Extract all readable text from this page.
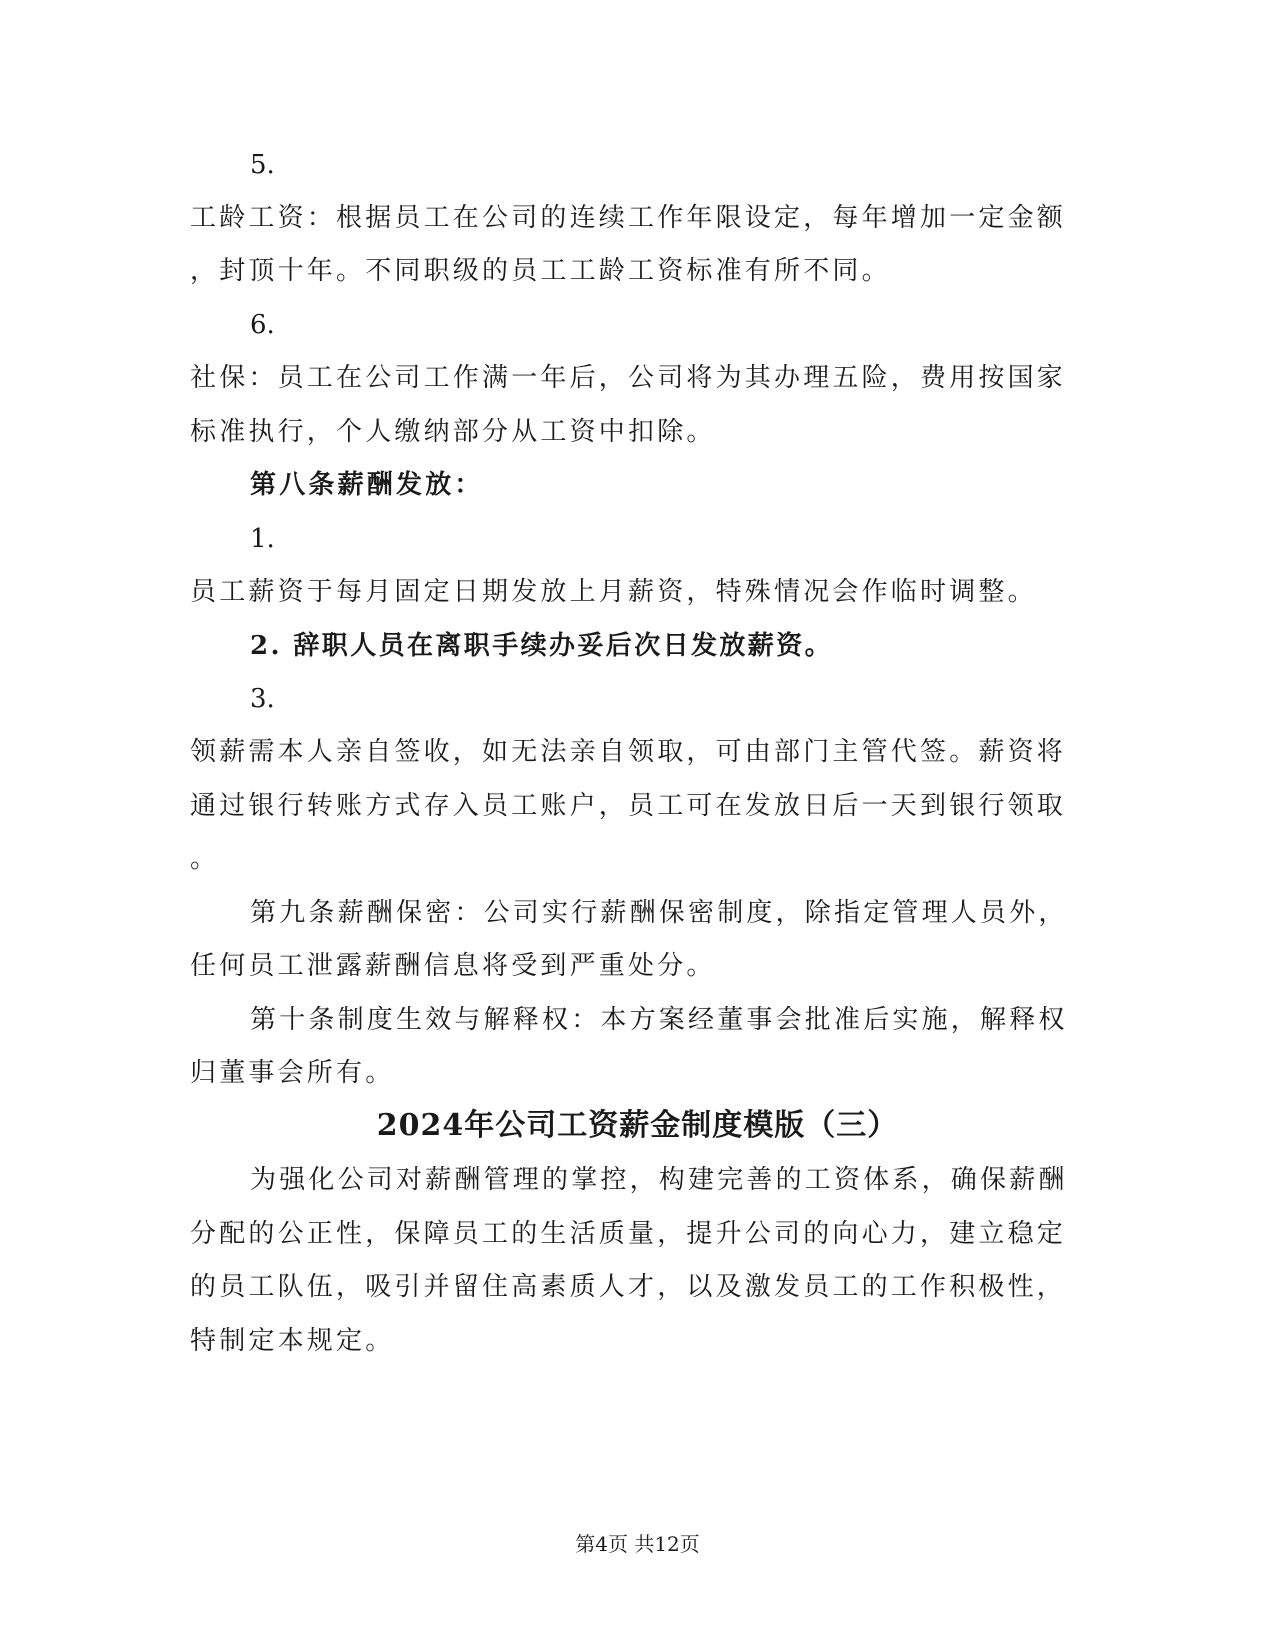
5.
工龄工资：根据员工在公司的连续工作年限设定，每年增加一定金额
，封顶十年。不同职级的员工工龄工资标准有所不同。
6.
社保：员工在公司工作满一年后，公司将为其办理五险，费用按国家
标准执行，个人缴纳部分从工资中扣除。
第八条薪酬发放：
1.
员工薪资于每月固定日期发放上月薪资，特殊情况会作临时调整。
2. 辞职人员在离职手续办妥后次日发放薪资。
3.
领薪需本人亲自签收，如无法亲自领取，可由部门主管代签。薪资将
通过银行转账方式存入员工账户，员工可在发放日后一天到银行领取
。
第九条薪酬保密：公司实行薪酬保密制度，除指定管理人员外，
任何员工泄露薪酬信息将受到严重处分。
第十条制度生效与解释权：本方案经董事会批准后实施，解释权
归董事会所有。
2024年公司工资薪金制度模版（三）
为强化公司对薪酬管理的掌控，构建完善的工资体系，确保薪酬
分配的公正性，保障员工的生活质量，提升公司的向心力，建立稳定
的员工队伍，吸引并留住高素质人才，以及激发员工的工作积极性，
特制定本规定。
第4页 共12页
